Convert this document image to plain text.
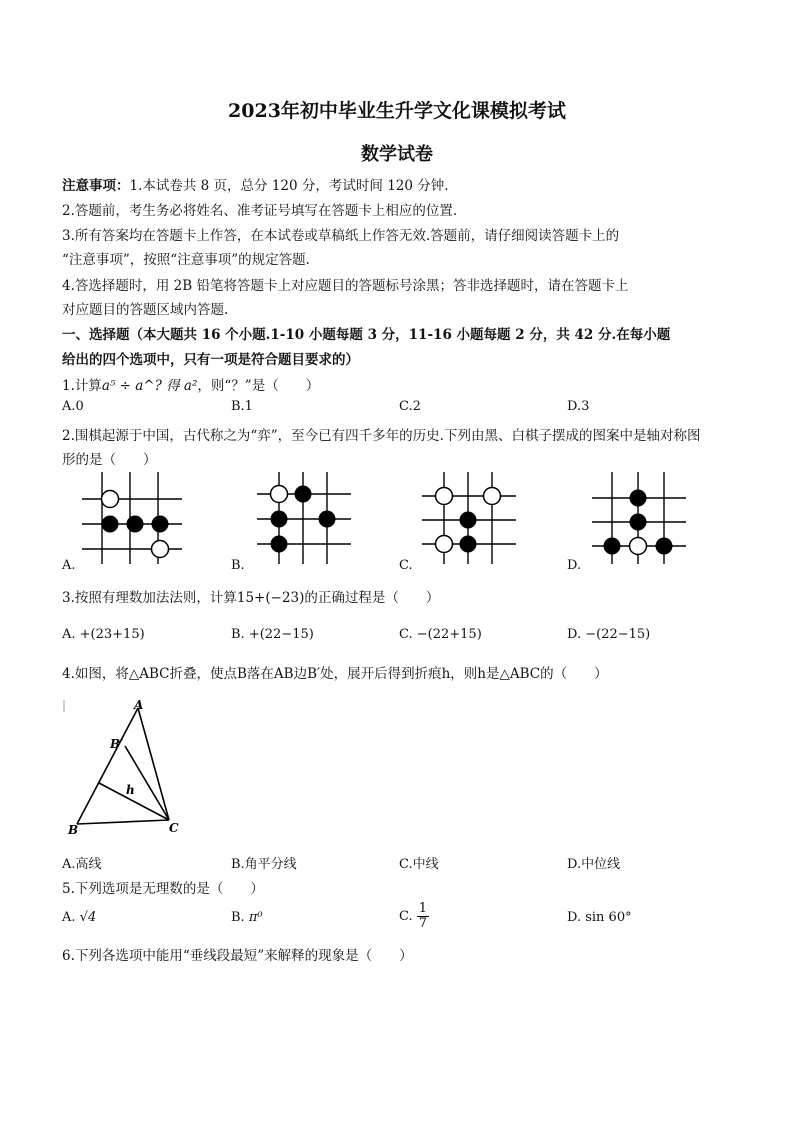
2023年初中毕业生升学文化课模拟考试
数学试卷
注意事项：1.本试卷共 8 页，总分 120 分，考试时间 120 分钟.
2.答题前，考生务必将姓名、准考证号填写在答题卡上相应的位置.
3.所有答案均在答题卡上作答，在本试卷或草稿纸上作答无效.答题前，请仔细阅读答题卡上的
“注意事项”，按照“注意事项”的规定答题.
4.答选择题时，用 2B 铅笔将答题卡上对应题目的答题标号涂黑；答非选择题时，请在答题卡上
对应题目的答题区域内答题.
一、选择题（本大题共 16 个小题.1-10 小题每题 3 分，11-16 小题每题 2 分，共 42 分.在每小题
给出的四个选项中，只有一项是符合题目要求的）
1.计算a⁵ ÷ a^? 得 a²，则“？”是（　　）
A.0	B.1	C.2	D.3
2.围棋起源于中国，古代称之为“弈”，至今已有四千多年的历史.下列由黑、白棋子摆成的图案中是轴对称图
形的是（　　）
A.	B.	C.	D.
3.按照有理数加法法则，计算15+(−23)的正确过程是（　　）
A. +(23+15)	B. +(22−15)	C. −(22+15)	D. −(22−15)
4.如图，将△ABC折叠，使点B落在AB边B′处，展开后得到折痕h，则h是△ABC的（　　）
A
B′
h
B	C
A.高线	B.角平分线	C.中线	D.中位线
5.下列选项是无理数的是（　　）
A. √4	B. π⁰	C. $\frac{1}{7}$	D. sin 60°
6.下列各选项中能用“垂线段最短”来解释的现象是（　　）
